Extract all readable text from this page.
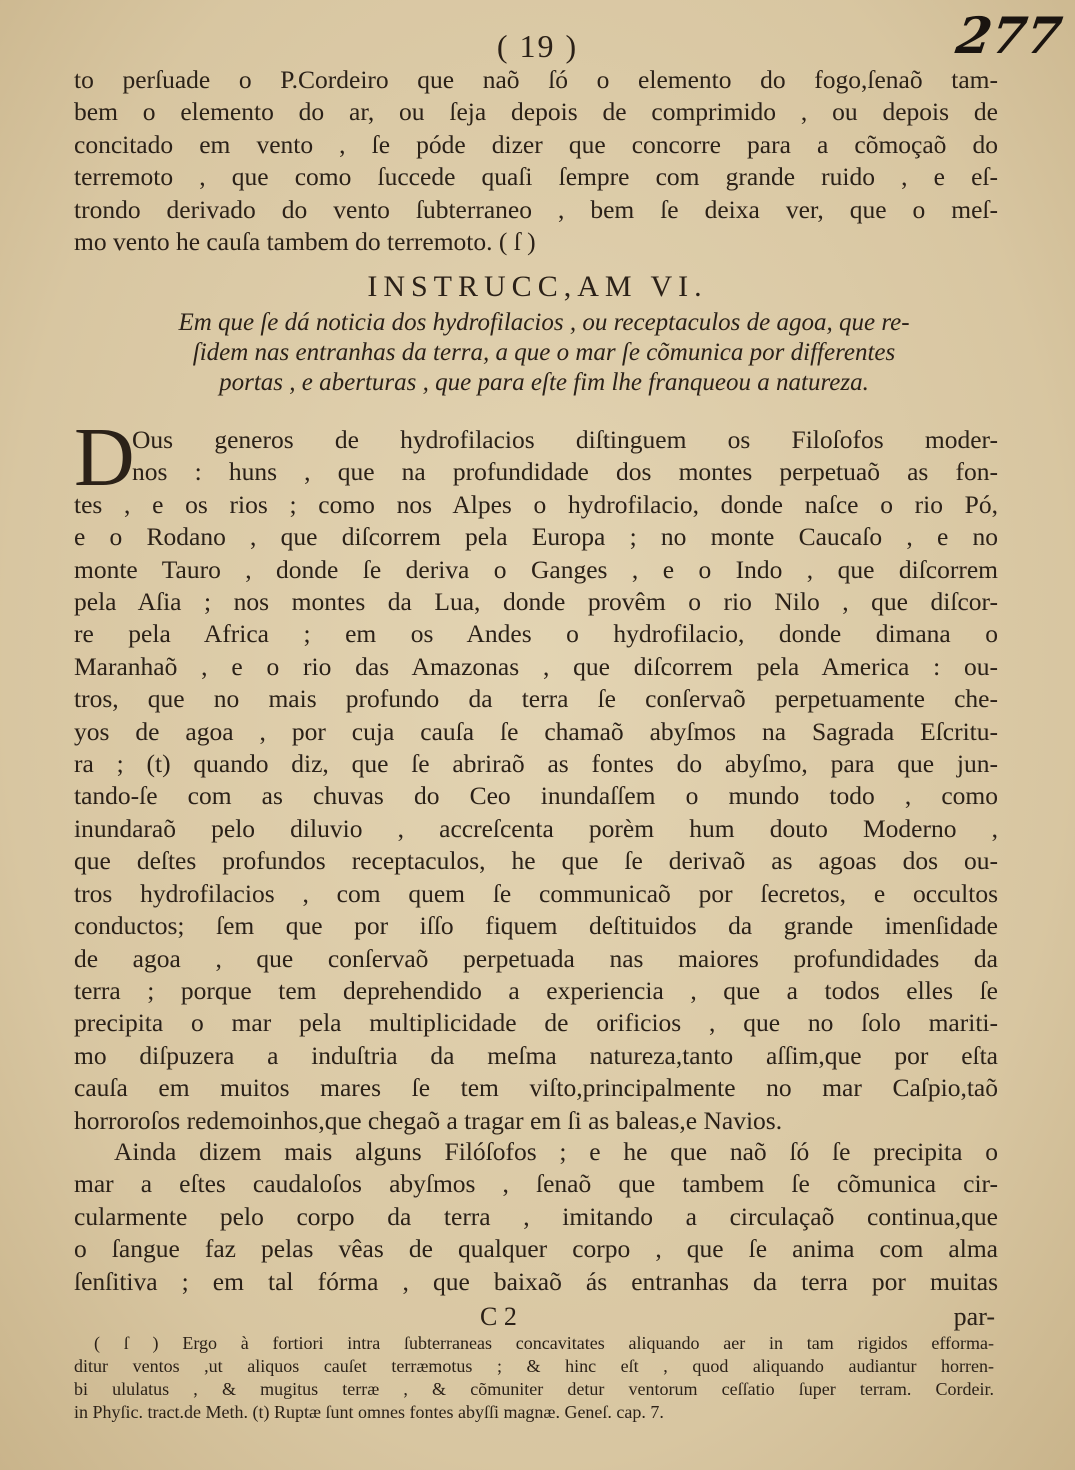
( 19 )	277
to perſuade o P.Cordeiro que naõ ſó o elemento do fogo,ſenaõ tam-
bem o elemento do ar, ou ſeja depois de comprimido , ou depois de
concitado em vento , ſe póde dizer que concorre para a cõmoçaõ do
terremoto , que como ſuccede quaſi ſempre com grande ruido , e eſ-
trondo derivado do vento ſubterraneo , bem ſe deixa ver, que o meſ-
mo vento he cauſa tambem do terremoto. ( ſ )
INSTRUCC,AM VI.
Em que ſe dá noticia dos hydrofilacios , ou receptaculos de agoa, que re-
ſidem nas entranhas da terra, a que o mar ſe cõmunica por differentes
portas , e aberturas , que para eſte fim lhe franqueou a natureza.
D
Ous generos de hydrofilacios diſtinguem os Filoſofos moder-
nos : huns , que na profundidade dos montes perpetuaõ as fon-
tes , e os rios ; como nos Alpes o hydrofilacio, donde naſce o rio Pó,
e o Rodano , que diſcorrem pela Europa ; no monte Caucaſo , e no
monte Tauro , donde ſe deriva o Ganges , e o Indo , que diſcorrem
pela Aſia ; nos montes da Lua, donde provêm o rio Nilo , que diſcor-
re pela Africa ; em os Andes o hydrofilacio, donde dimana o
Maranhaõ , e o rio das Amazonas , que diſcorrem pela America : ou-
tros, que no mais profundo da terra ſe conſervaõ perpetuamente che-
yos de agoa , por cuja cauſa ſe chamaõ abyſmos na Sagrada Eſcritu-
ra ; (t) quando diz, que ſe abriraõ as fontes do abyſmo, para que jun-
tando-ſe com as chuvas do Ceo inundaſſem o mundo todo , como
inundaraõ pelo diluvio , accreſcenta porèm hum douto Moderno ,
que deſtes profundos receptaculos, he que ſe derivaõ as agoas dos ou-
tros hydrofilacios , com quem ſe communicaõ por ſecretos, e occultos
conductos; ſem que por iſſo fiquem deſtituidos da grande imenſidade
de agoa , que conſervaõ perpetuada nas maiores profundidades da
terra ; porque tem deprehendido a experiencia , que a todos elles ſe
precipita o mar pela multiplicidade de orificios , que no ſolo mariti-
mo diſpuzera a induſtria da meſma natureza,tanto aſſim,que por eſta
cauſa em muitos mares ſe tem viſto,principalmente no mar Caſpio,taõ
horroroſos redemoinhos,que chegaõ a tragar em ſi as baleas,e Navios.
Ainda dizem mais alguns Filóſofos ; e he que naõ ſó ſe precipita o
mar a eſtes caudaloſos abyſmos , ſenaõ que tambem ſe cõmunica cir-
cularmente pelo corpo da terra , imitando a circulaçaõ continua,que
o ſangue faz pelas vêas de qualquer corpo , que ſe anima com alma
ſenſitiva ; em tal fórma , que baixaõ ás entranhas da terra por muitas
C 2	par-
( ſ ) Ergo à fortiori intra ſubterraneas concavitates aliquando aer in tam rigidos efforma-
ditur ventos ,ut aliquos cauſet terræmotus ; & hinc eſt , quod aliquando audiantur horren-
bi ululatus , & mugitus terræ , & cõmuniter detur ventorum ceſſatio ſuper terram. Cordeir.
in Phyſic. tract.de Meth. (t) Ruptæ ſunt omnes fontes abyſſi magnæ. Geneſ. cap. 7.
